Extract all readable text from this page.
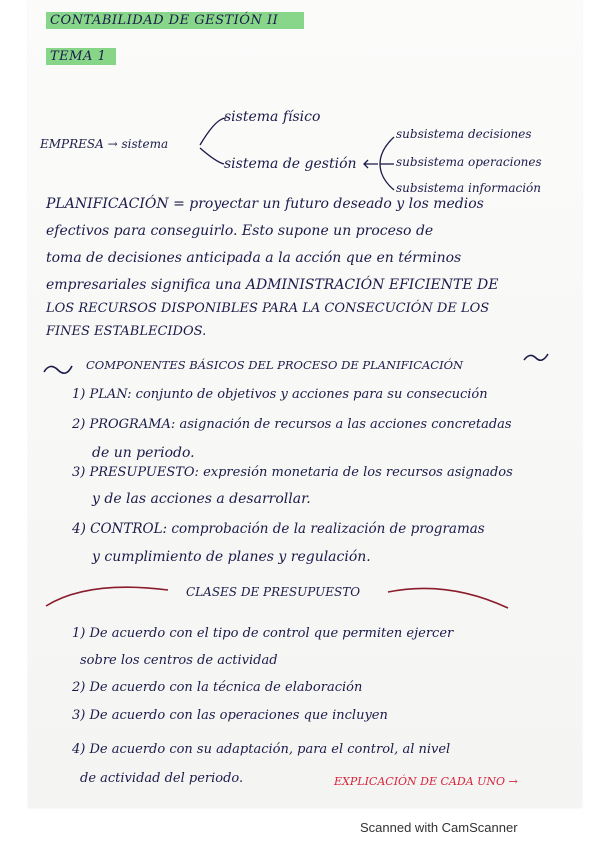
CONTABILIDAD DE GESTIÓN II
TEMA 1
EMPRESA → sistema
sistema físico
sistema de gestión
subsistema decisiones
subsistema operaciones
subsistema información
PLANIFICACIÓN = proyectar un futuro deseado y los medios
efectivos para conseguirlo. Esto supone un proceso de
toma de decisiones anticipada a la acción que en términos
empresariales significa una ADMINISTRACIÓN EFICIENTE DE
LOS RECURSOS DISPONIBLES PARA LA CONSECUCIÓN DE LOS
FINES ESTABLECIDOS.
COMPONENTES BÁSICOS DEL PROCESO DE PLANIFICACIÓN
1) PLAN: conjunto de objetivos y acciones para su consecución
2) PROGRAMA: asignación de recursos a las acciones concretadas
de un periodo.
3) PRESUPUESTO: expresión monetaria de los recursos asignados
y de las acciones a desarrollar.
4) CONTROL: comprobación de la realización de programas
y cumplimiento de planes y regulación.
CLASES DE PRESUPUESTO
1) De acuerdo con el tipo de control que permiten ejercer
sobre los centros de actividad
2) De acuerdo con la técnica de elaboración
3) De acuerdo con las operaciones que incluyen
4) De acuerdo con su adaptación, para el control, al nivel
de actividad del periodo.	EXPLICACIÓN DE CADA UNO →
Scanned with CamScanner
